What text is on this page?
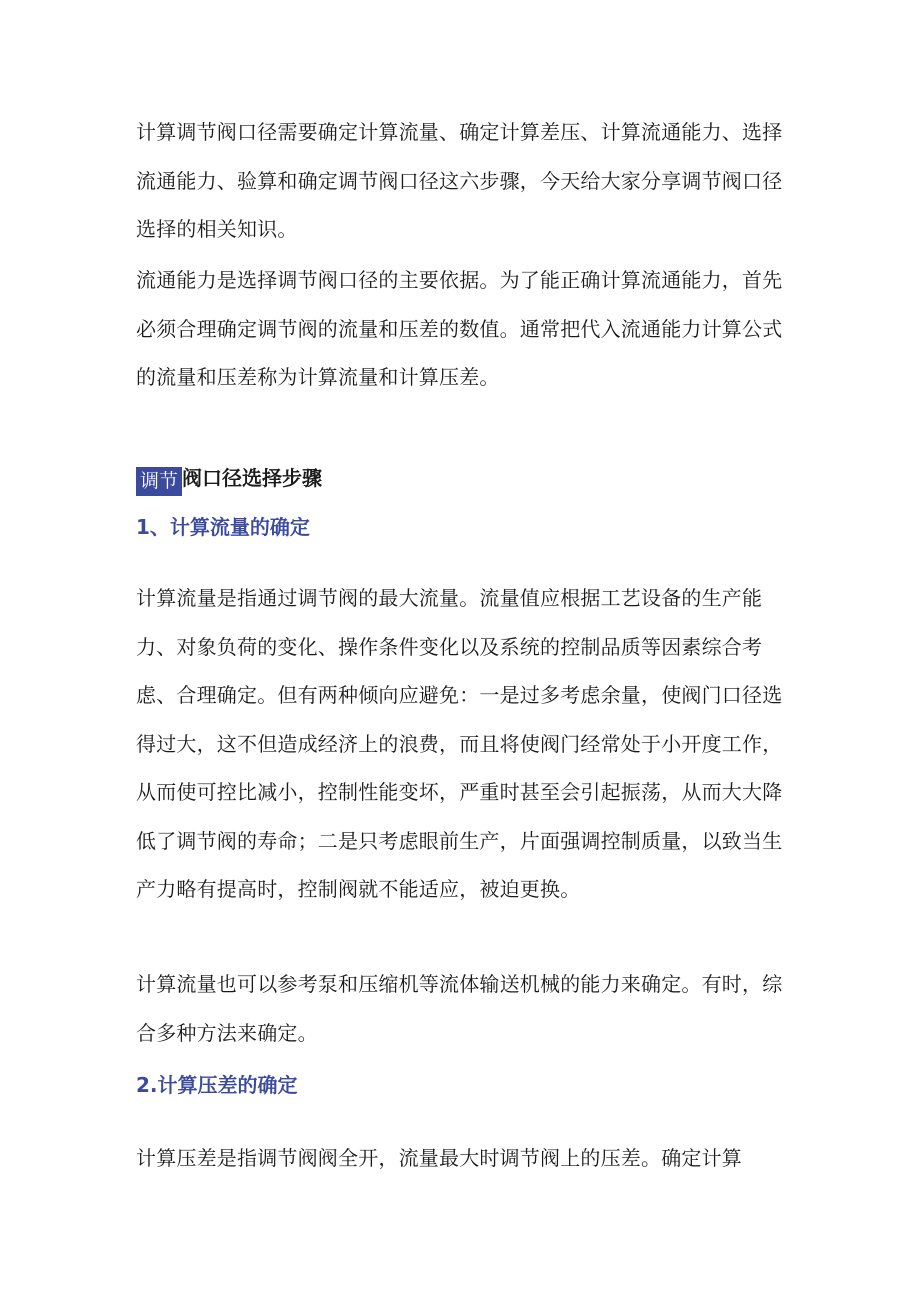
计算调节阀口径需要确定计算流量、确定计算差压、计算流通能力、选择流通能力、验算和确定调节阀口径这六步骤，今天给大家分享调节阀口径选择的相关知识。

流通能力是选择调节阀口径的主要依据。为了能正确计算流通能力，首先必须合理确定调节阀的流量和压差的数值。通常把代入流通能力计算公式的流量和压差称为计算流量和计算压差。

调节 阀口径选择步骤
1、计算流量的确定

计算流量是指通过调节阀的最大流量。流量值应根据工艺设备的生产能力、对象负荷的变化、操作条件变化以及系统的控制品质等因素综合考虑、合理确定。但有两种倾向应避免：一是过多考虑余量，使阀门口径选得过大，这不但造成经济上的浪费，而且将使阀门经常处于小开度工作，从而使可控比减小，控制性能变坏，严重时甚至会引起振荡，从而大大降低了调节阀的寿命；二是只考虑眼前生产，片面强调控制质量，以致当生产力略有提高时，控制阀就不能适应，被迫更换。

计算流量也可以参考泵和压缩机等流体输送机械的能力来确定。有时，综合多种方法来确定。

2.计算压差的确定

计算压差是指调节阀阀全开，流量最大时调节阀上的压差。确定计算
